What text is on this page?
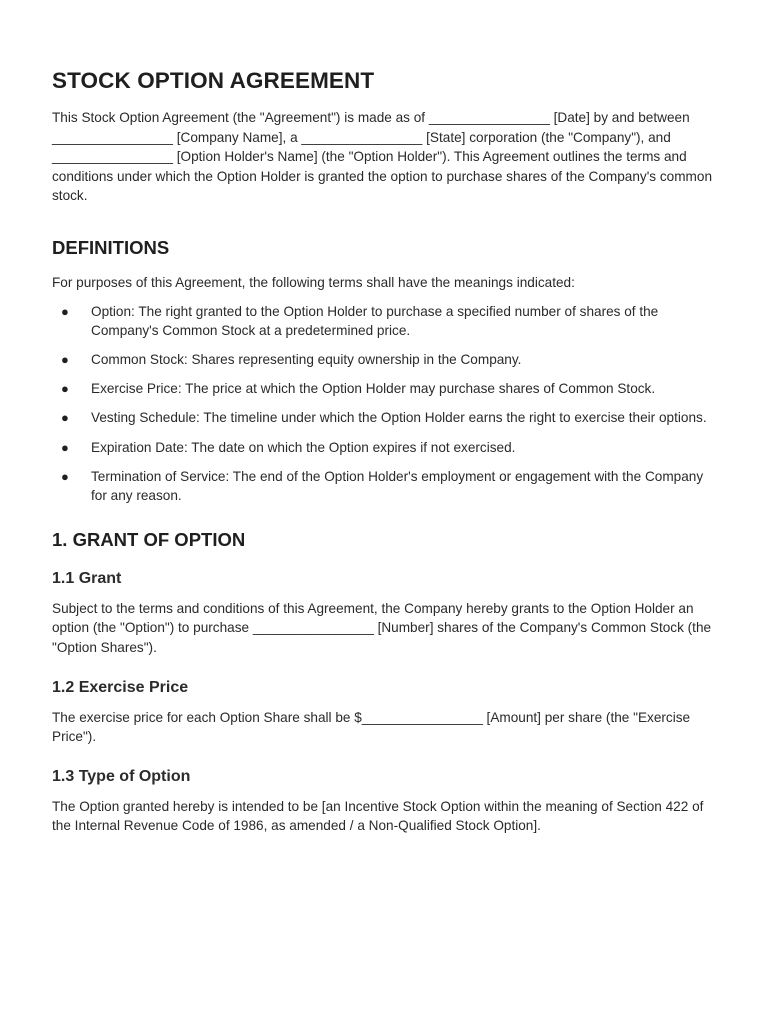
STOCK OPTION AGREEMENT

This Stock Option Agreement (the "Agreement") is made as of ________________ [Date] by and between ________________ [Company Name], a ________________ [State] corporation (the "Company"), and ________________ [Option Holder's Name] (the "Option Holder"). This Agreement outlines the terms and conditions under which the Option Holder is granted the option to purchase shares of the Company's common stock.

DEFINITIONS

For purposes of this Agreement, the following terms shall have the meanings indicated:

● Option: The right granted to the Option Holder to purchase a specified number of shares of the Company's Common Stock at a predetermined price.
● Common Stock: Shares representing equity ownership in the Company.
● Exercise Price: The price at which the Option Holder may purchase shares of Common Stock.
● Vesting Schedule: The timeline under which the Option Holder earns the right to exercise their options.
● Expiration Date: The date on which the Option expires if not exercised.
● Termination of Service: The end of the Option Holder's employment or engagement with the Company for any reason.
1. GRANT OF OPTION
1.1 Grant

Subject to the terms and conditions of this Agreement, the Company hereby grants to the Option Holder an option (the "Option") to purchase ________________ [Number] shares of the Company's Common Stock (the "Option Shares").

1.2 Exercise Price

The exercise price for each Option Share shall be $________________ [Amount] per share (the "Exercise Price").

1.3 Type of Option

The Option granted hereby is intended to be [an Incentive Stock Option within the meaning of Section 422 of the Internal Revenue Code of 1986, as amended / a Non-Qualified Stock Option].
